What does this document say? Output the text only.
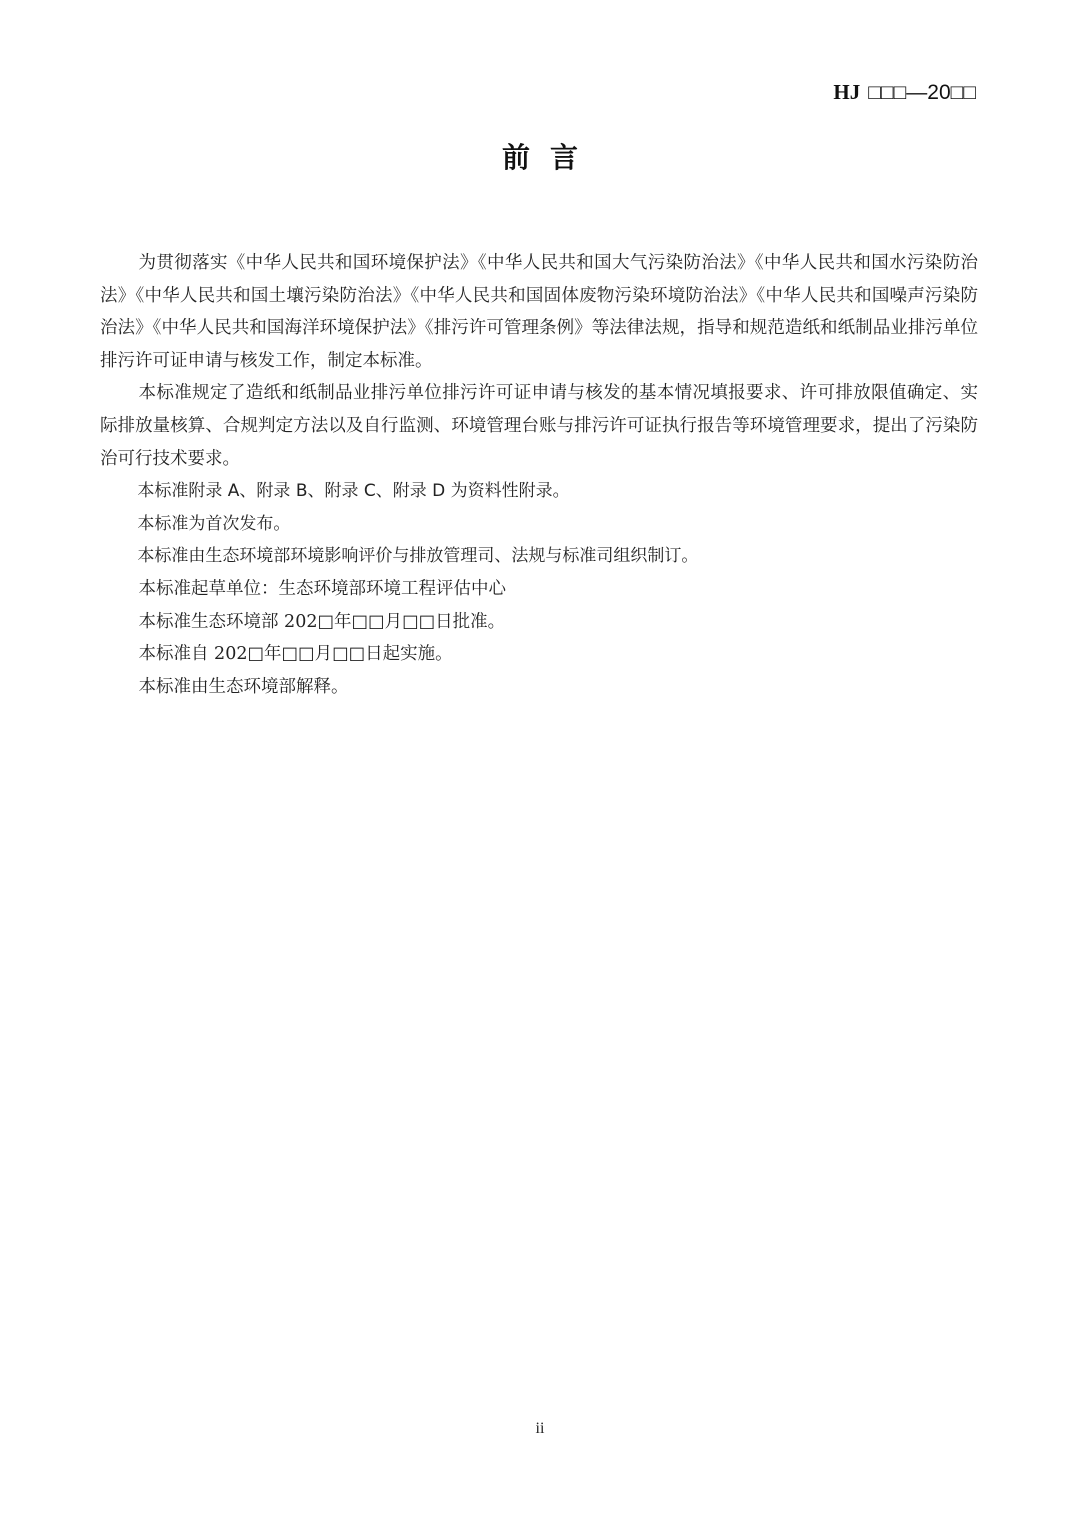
HJ □□□—20□□
前言

为贯彻落实《中华人民共和国环境保护法》《中华人民共和国大气污染防治法》《中华人民共和国水污染防治法》《中华人民共和国土壤污染防治法》《中华人民共和国固体废物污染环境防治法》《中华人民共和国噪声污染防治法》《中华人民共和国海洋环境保护法》《排污许可管理条例》等法律法规，指导和规范造纸和纸制品业排污单位排污许可证申请与核发工作，制定本标准。

本标准规定了造纸和纸制品业排污单位排污许可证申请与核发的基本情况填报要求、许可排放限值确定、实际排放量核算、合规判定方法以及自行监测、环境管理台账与排污许可证执行报告等环境管理要求，提出了污染防治可行技术要求。

本标准附录 A、附录 B、附录 C、附录 D 为资料性附录。

本标准为首次发布。

本标准由生态环境部环境影响评价与排放管理司、法规与标准司组织制订。

本标准起草单位：生态环境部环境工程评估中心

本标准生态环境部 202□年□□月□□日批准。

本标准自 202□年□□月□□日起实施。

本标准由生态环境部解释。

ii
